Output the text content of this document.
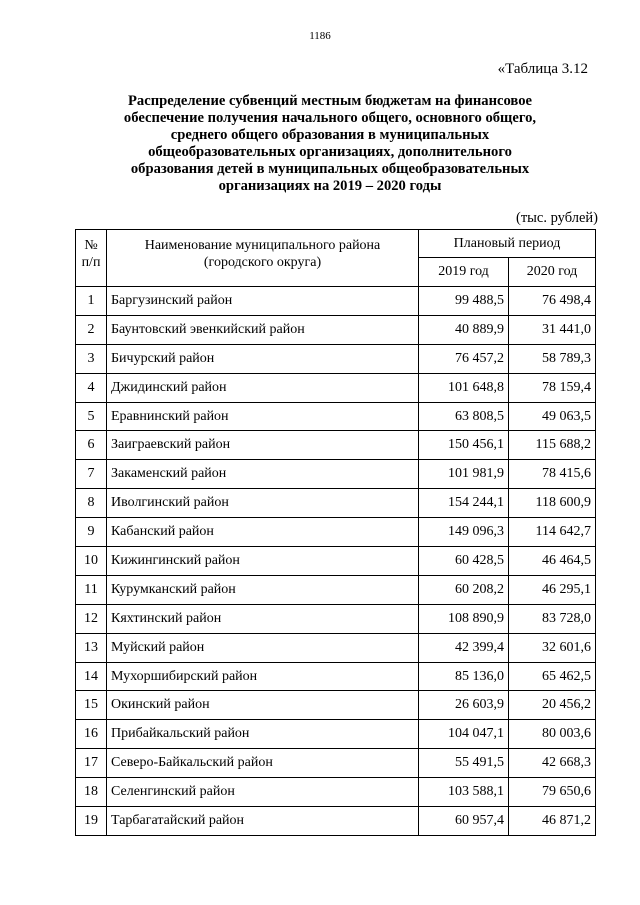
1186
«Таблица 3.12
Распределение субвенций местным бюджетам на финансовое
обеспечение получения начального общего, основного общего,
среднего общего образования в муниципальных
общеобразовательных организациях, дополнительного
образования детей в муниципальных общеобразовательных
организациях на 2019 – 2020 годы
(тыс. рублей)
№ п/п	Наименование муниципального района (городского округа)	Плановый период	
		2019 год	2020 год
1	Баргузинский район	99 488,5	76 498,4
2	Баунтовский эвенкийский район	40 889,9	31 441,0
3	Бичурский район	76 457,2	58 789,3
4	Джидинский район	101 648,8	78 159,4
5	Еравнинский район	63 808,5	49 063,5
6	Заиграевский район	150 456,1	115 688,2
7	Закаменский район	101 981,9	78 415,6
8	Иволгинский район	154 244,1	118 600,9
9	Кабанский район	149 096,3	114 642,7
10	Кижингинский район	60 428,5	46 464,5
11	Курумканский район	60 208,2	46 295,1
12	Кяхтинский район	108 890,9	83 728,0
13	Муйский район	42 399,4	32 601,6
14	Мухоршибирский район	85 136,0	65 462,5
15	Окинский район	26 603,9	20 456,2
16	Прибайкальский район	104 047,1	80 003,6
17	Северо-Байкальский район	55 491,5	42 668,3
18	Селенгинский район	103 588,1	79 650,6
19	Тарбагатайский район	60 957,4	46 871,2
